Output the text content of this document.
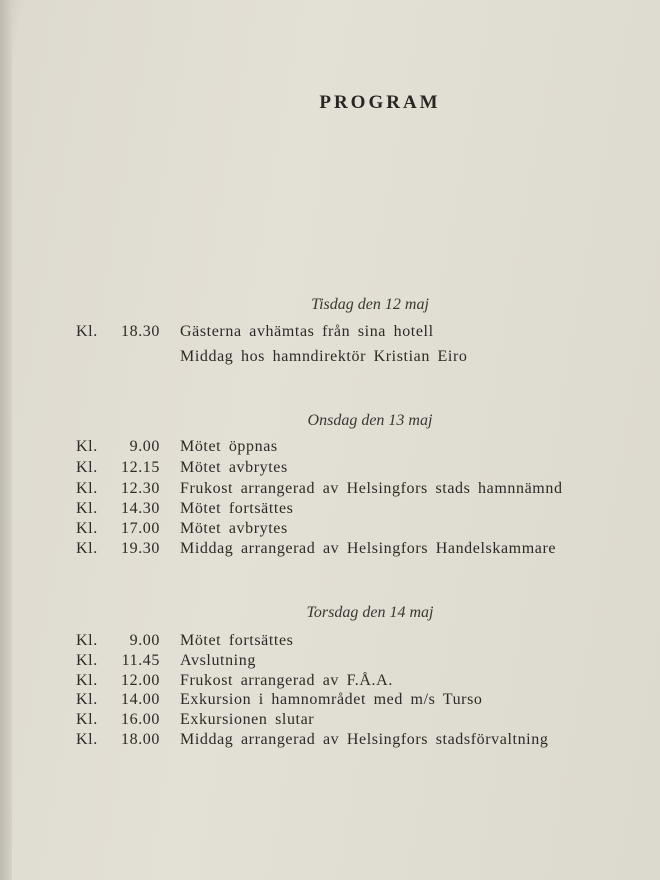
PROGRAM
Tisdag den 12 maj
Kl.	18.30 Gästerna avhämtas från sina hotell
Middag hos hamndirektör Kristian Eiro
Onsdag den 13 maj
Kl.	9.00 Mötet öppnas
Kl.	12.15 Mötet avbrytes
Kl.	12.30 Frukost arrangerad av Helsingfors stads hamnnämnd
Kl.	14.30 Mötet fortsättes
Kl.	17.00 Mötet avbrytes
Kl.	19.30 Middag arrangerad av Helsingfors Handelskammare
Torsdag den 14 maj
Kl.	9.00 Mötet fortsättes
Kl.	11.45 Avslutning
Kl.	12.00 Frukost arrangerad av F.Å.A.
Kl.	14.00 Exkursion i hamnområdet med m/s Turso
Kl.	16.00 Exkursionen slutar
Kl.	18.00 Middag arrangerad av Helsingfors stadsförvaltning
